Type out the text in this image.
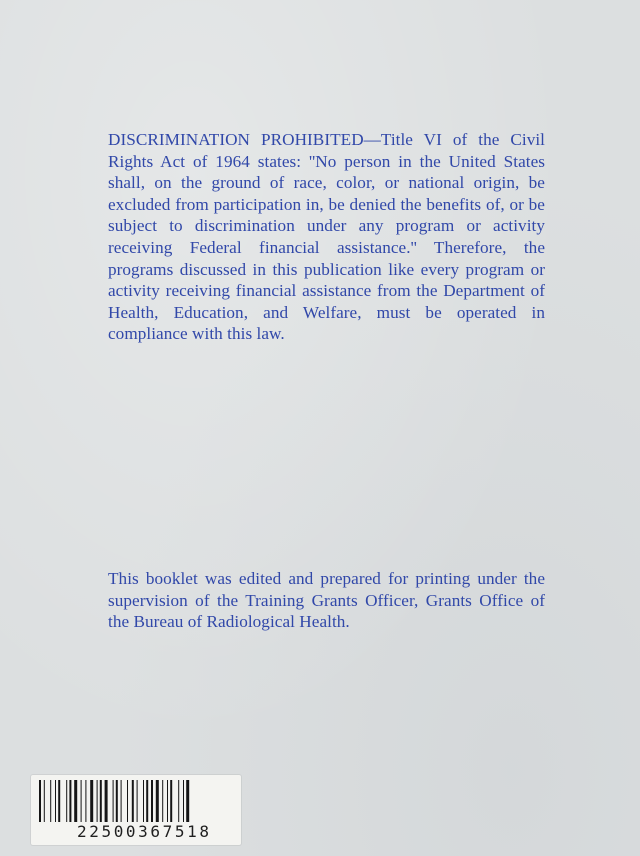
DISCRIMINATION PROHIBITED—Title VI of the Civil Rights Act of 1964 states: ''No person in the United States shall, on the ground of race, color, or national origin, be excluded from participation in, be denied the benefits of, or be subject to discrimination under any program or activity receiving Federal financial assistance.'' Therefore, the programs discussed in this publication like every program or activity receiving financial assistance from the Department of Health, Education, and Welfare, must be operated in compliance with this law.

This booklet was edited and prepared for printing under the supervision of the Training Grants Officer, Grants Office of the Bureau of Radiological Health.

22500367518
